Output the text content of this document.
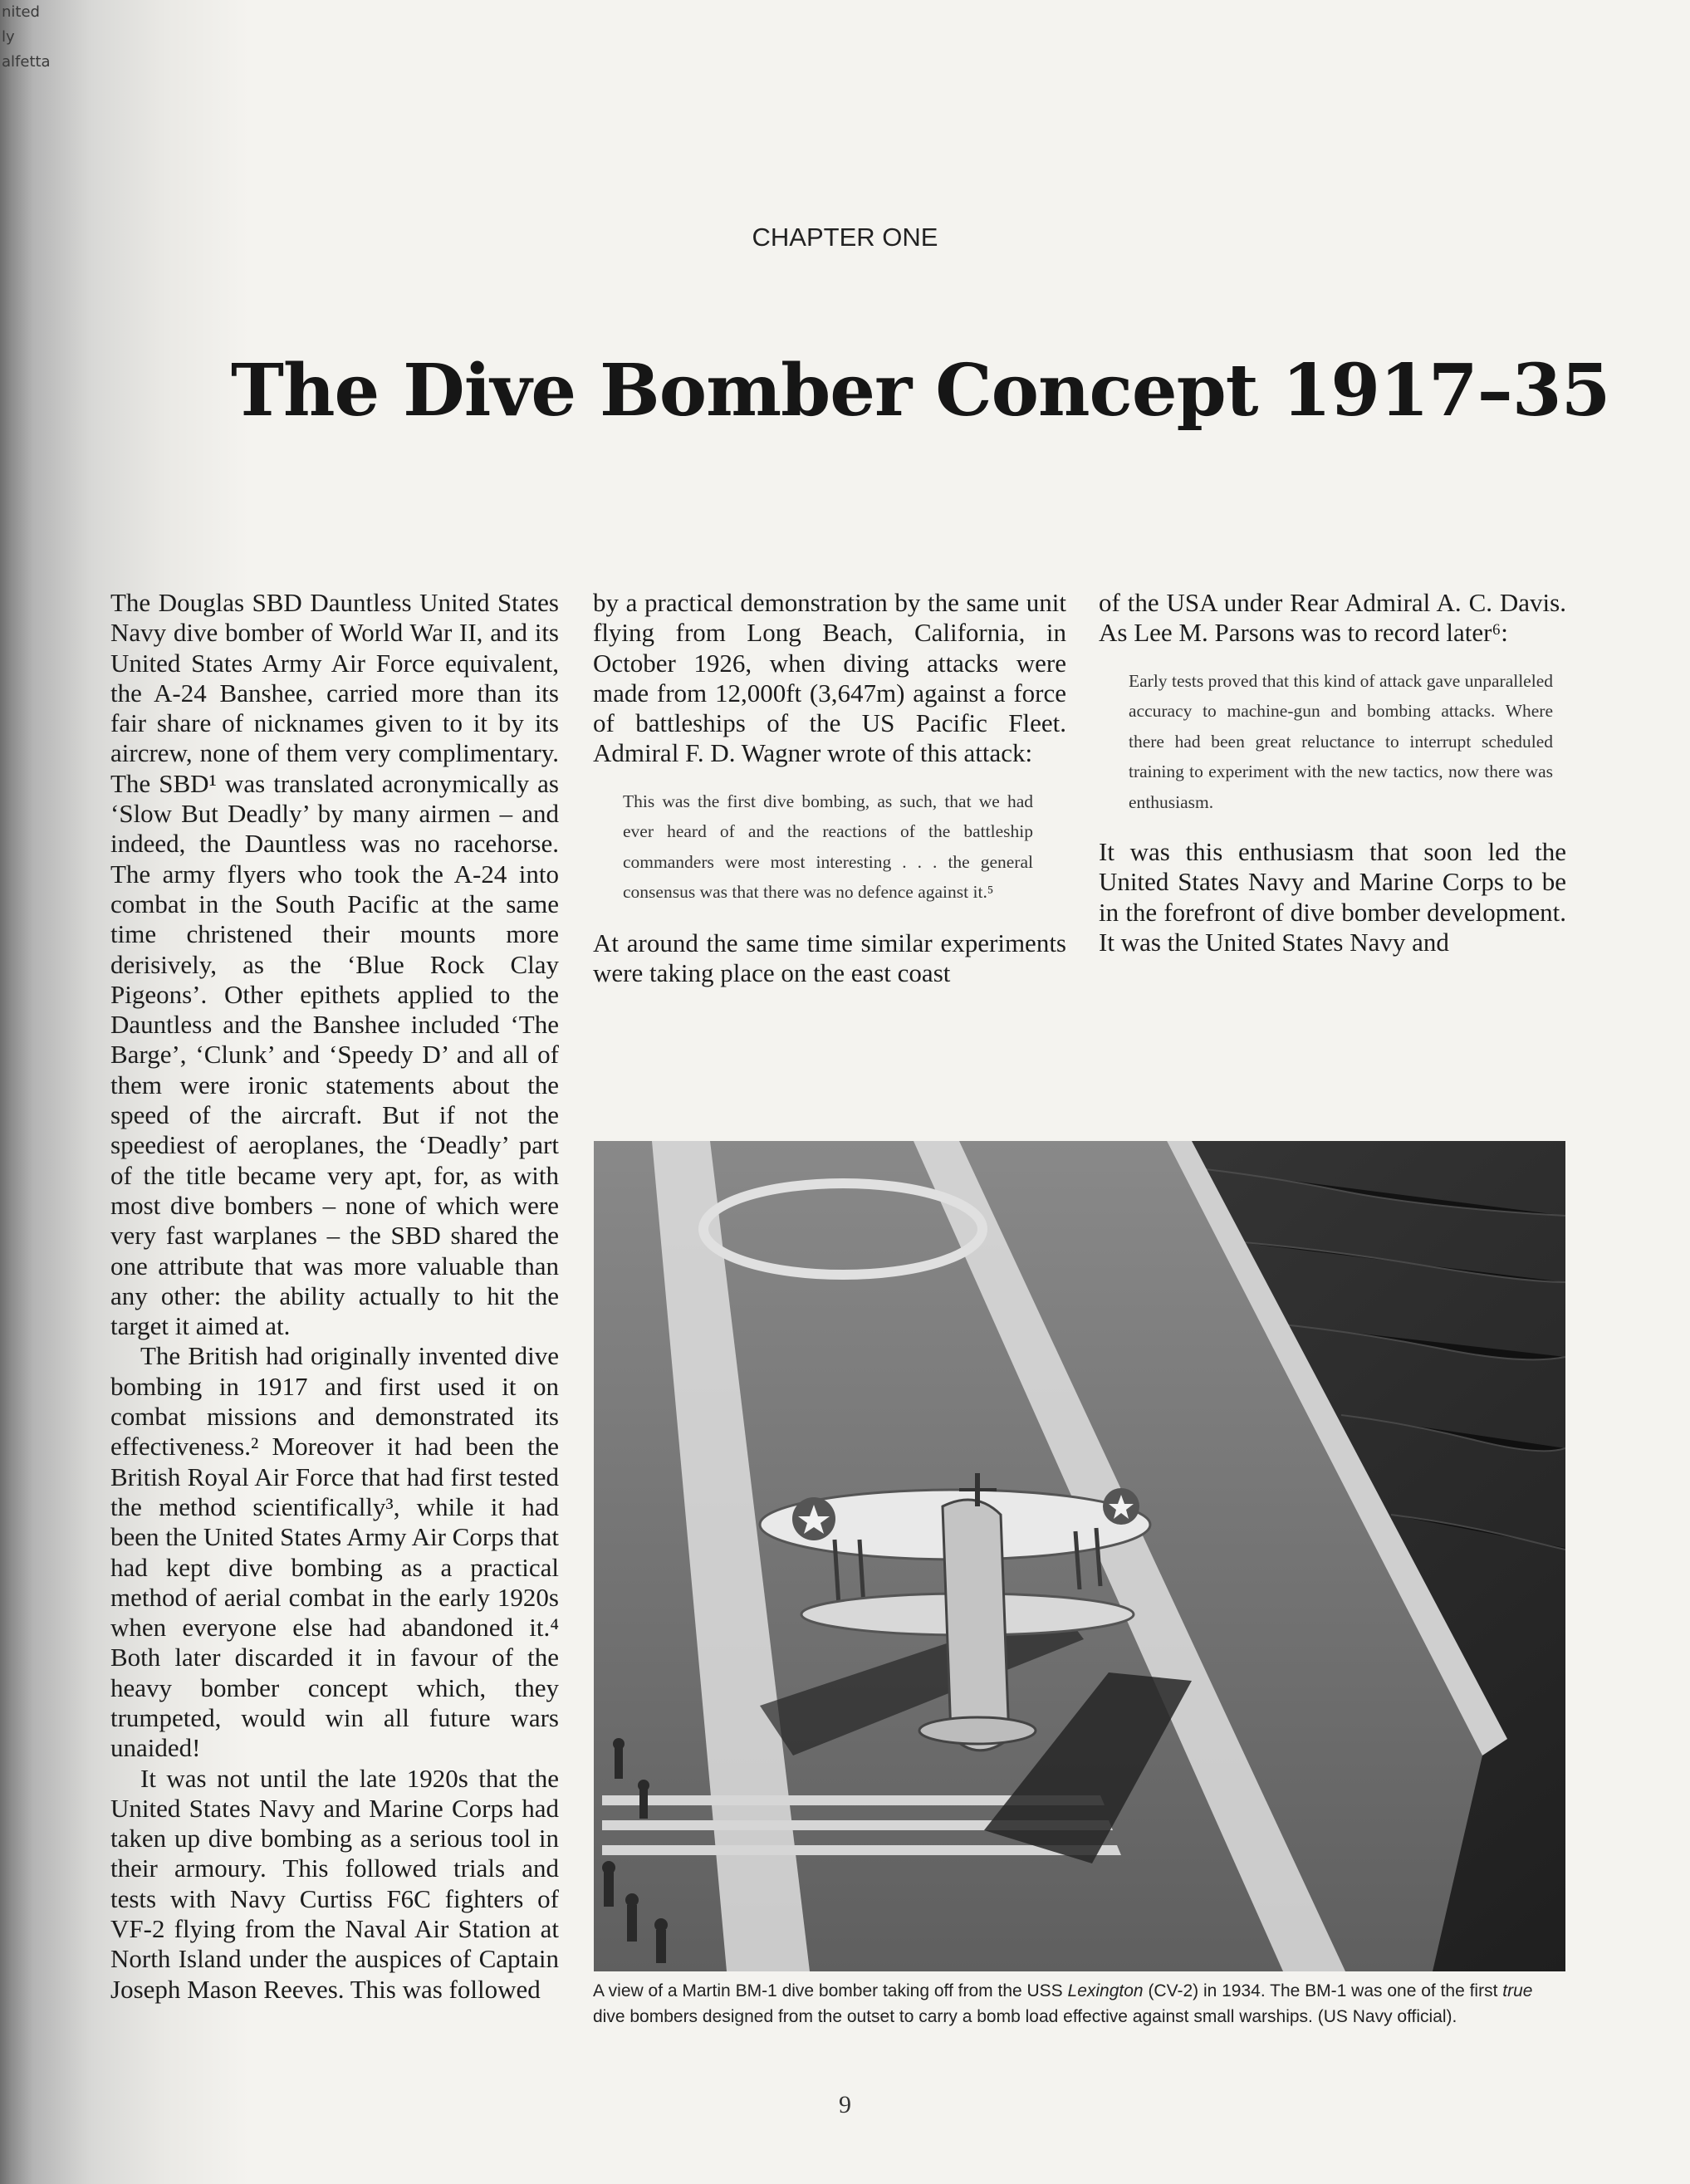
nited
ly
alfetta
CHAPTER ONE
The Dive Bomber Concept 1917–35

The Douglas SBD Dauntless United States Navy dive bomber of World War II, and its United States Army Air Force equivalent, the A-24 Banshee, carried more than its fair share of nicknames given to it by its aircrew, none of them very complimentary. The SBD¹ was translated acronymically as ‘Slow But Deadly’ by many airmen – and indeed, the Dauntless was no racehorse. The army flyers who took the A-24 into combat in the South Pacific at the same time christened their mounts more derisively, as the ‘Blue Rock Clay Pigeons’. Other epithets applied to the Dauntless and the Banshee included ‘The Barge’, ‘Clunk’ and ‘Speedy D’ and all of them were ironic statements about the speed of the aircraft. But if not the speediest of aeroplanes, the ‘Deadly’ part of the title became very apt, for, as with most dive bombers – none of which were very fast warplanes – the SBD shared the one attribute that was more valuable than any other: the ability actually to hit the target it aimed at.

The British had originally invented dive bombing in 1917 and first used it on combat missions and demonstrated its effectiveness.² Moreover it had been the British Royal Air Force that had first tested the method scientifically³, while it had been the United States Army Air Corps that had kept dive bombing as a practical method of aerial combat in the early 1920s when everyone else had abandoned it.⁴ Both later discarded it in favour of the heavy bomber concept which, they trumpeted, would win all future wars unaided!

It was not until the late 1920s that the United States Navy and Marine Corps had taken up dive bombing as a serious tool in their armoury. This followed trials and tests with Navy Curtiss F6C fighters of VF-2 flying from the Naval Air Station at North Island under the auspices of Captain Joseph Mason Reeves. This was followed

by a practical demonstration by the same unit flying from Long Beach, California, in October 1926, when diving attacks were made from 12,000ft (3,647m) against a force of battleships of the US Pacific Fleet. Admiral F. D. Wagner wrote of this attack:

This was the first dive bombing, as such, that we had ever heard of and the reactions of the battleship commanders were most interesting . . . the general consensus was that there was no defence against it.⁵

At around the same time similar experiments were taking place on the east coast

of the USA under Rear Admiral A. C. Davis. As Lee M. Parsons was to record later⁶:

Early tests proved that this kind of attack gave unparalleled accuracy to machine-gun and bombing attacks. Where there had been great reluctance to interrupt scheduled training to experiment with the new tactics, now there was enthusiasm.

It was this enthusiasm that soon led the United States Navy and Marine Corps to be in the forefront of dive bomber development. It was the United States Navy and

A view of a Martin BM-1 dive bomber taking off from the USS Lexington (CV-2) in 1934. The BM-1 was one of the first true dive bombers designed from the outset to carry a bomb load effective against small warships. (US Navy official).
9
